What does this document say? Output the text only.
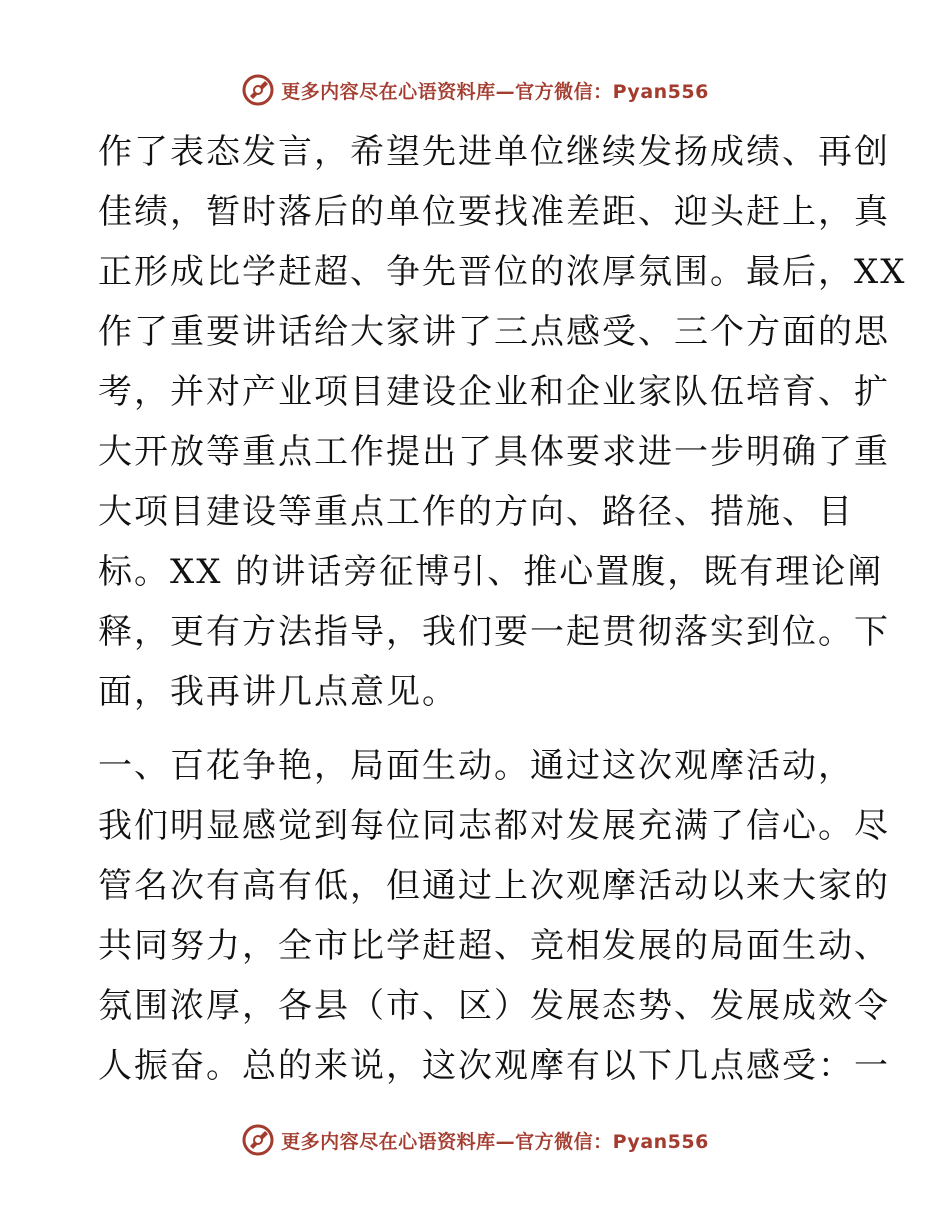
更多内容尽在心语资料库—官方微信：Pyan556
作了表态发言，希望先进单位继续发扬成绩、再创
佳绩，暂时落后的单位要找准差距、迎头赶上，真
正形成比学赶超、争先晋位的浓厚氛围。最后，XX
作了重要讲话给大家讲了三点感受、三个方面的思
考，并对产业项目建设企业和企业家队伍培育、扩
大开放等重点工作提出了具体要求进一步明确了重
大项目建设等重点工作的方向、路径、措施、目
标。XX 的讲话旁征博引、推心置腹，既有理论阐
释，更有方法指导，我们要一起贯彻落实到位。下
面，我再讲几点意见。
一、百花争艳，局面生动。通过这次观摩活动，
我们明显感觉到每位同志都对发展充满了信心。尽
管名次有高有低，但通过上次观摩活动以来大家的
共同努力，全市比学赶超、竞相发展的局面生动、
氛围浓厚，各县（市、区）发展态势、发展成效令
人振奋。总的来说，这次观摩有以下几点感受：一
更多内容尽在心语资料库—官方微信：Pyan556
